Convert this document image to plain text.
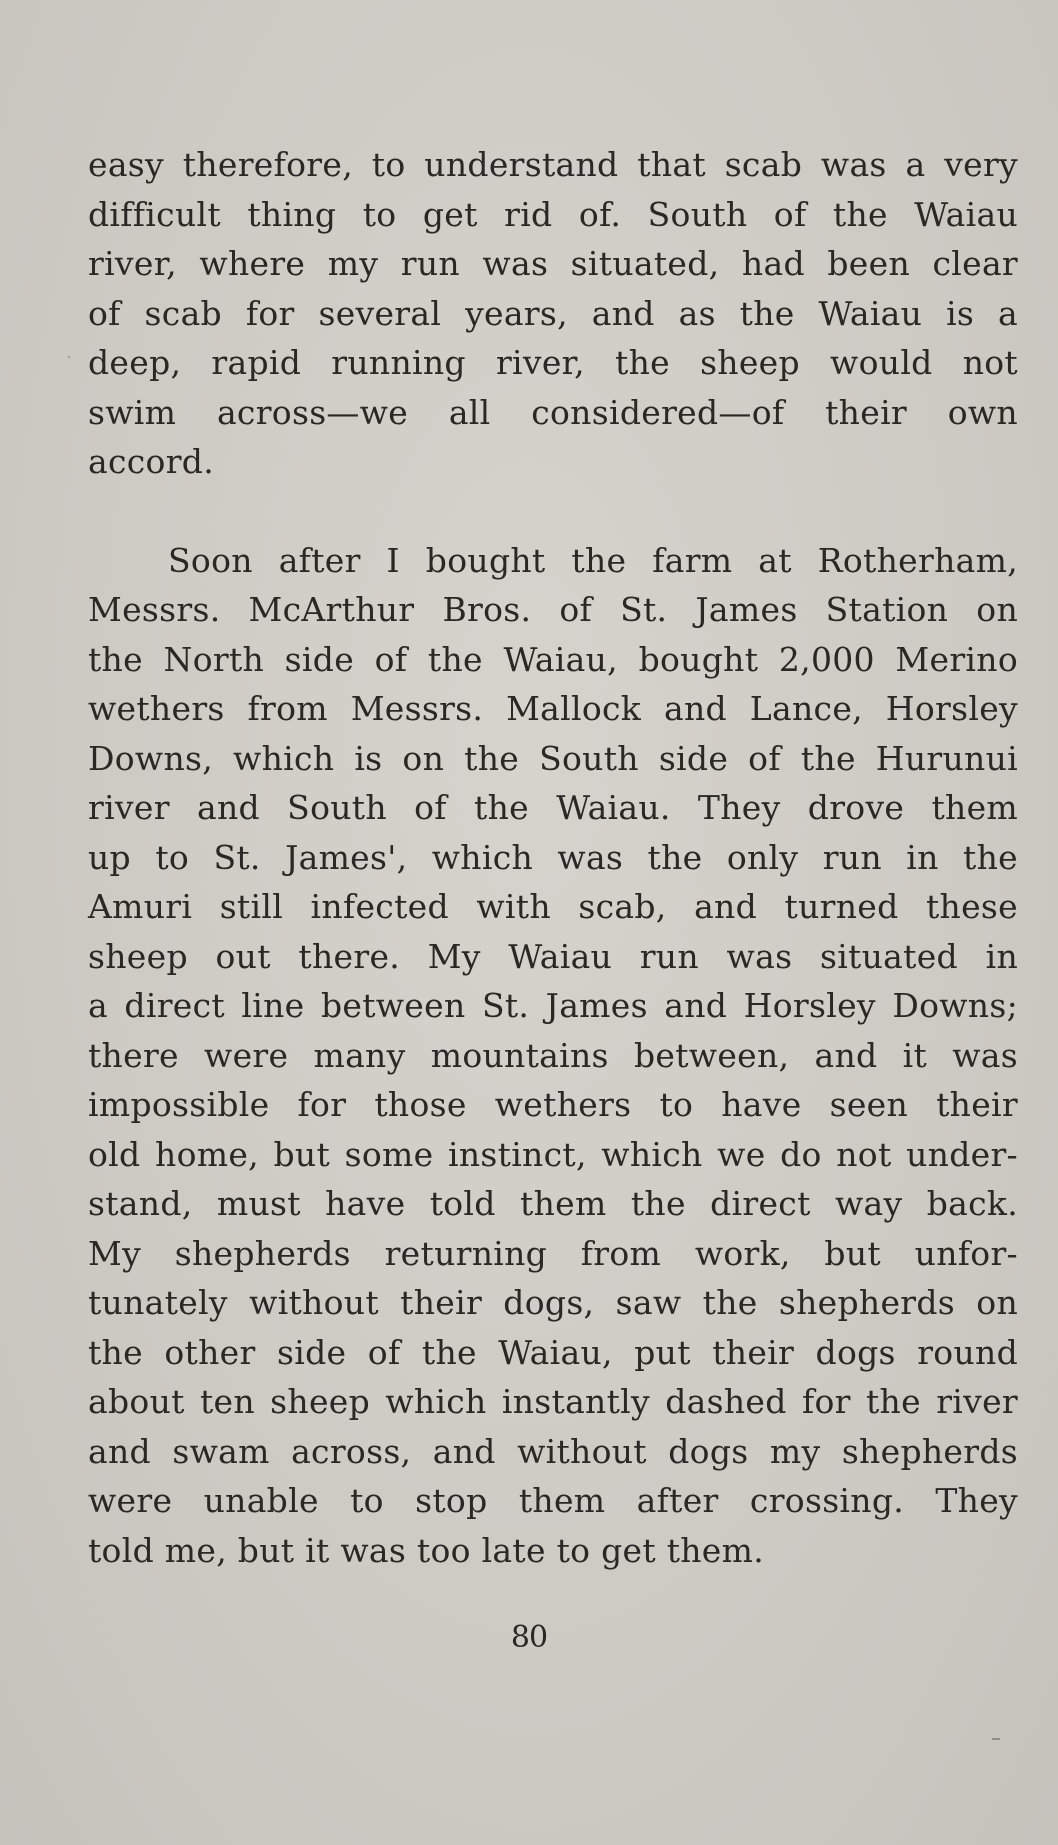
easy therefore, to understand that scab was a very
difficult thing to get rid of. South of the Waiau
river, where my run was situated, had been clear
of scab for several years, and as the Waiau is a
deep, rapid running river, the sheep would not
swim across—we all considered—of their own
accord.
Soon after I bought the farm at Rotherham,
Messrs. McArthur Bros. of St. James Station on
the North side of the Waiau, bought 2,000 Merino
wethers from Messrs. Mallock and Lance, Horsley
Downs, which is on the South side of the Hurunui
river and South of the Waiau. They drove them
up to St. James', which was the only run in the
Amuri still infected with scab, and turned these
sheep out there. My Waiau run was situated in
a direct line between St. James and Horsley Downs;
there were many mountains between, and it was
impossible for those wethers to have seen their
old home, but some instinct, which we do not under-
stand, must have told them the direct way back.
My shepherds returning from work, but unfor-
tunately without their dogs, saw the shepherds on
the other side of the Waiau, put their dogs round
about ten sheep which instantly dashed for the river
and swam across, and without dogs my shepherds
were unable to stop them after crossing. They
told me, but it was too late to get them.
80
